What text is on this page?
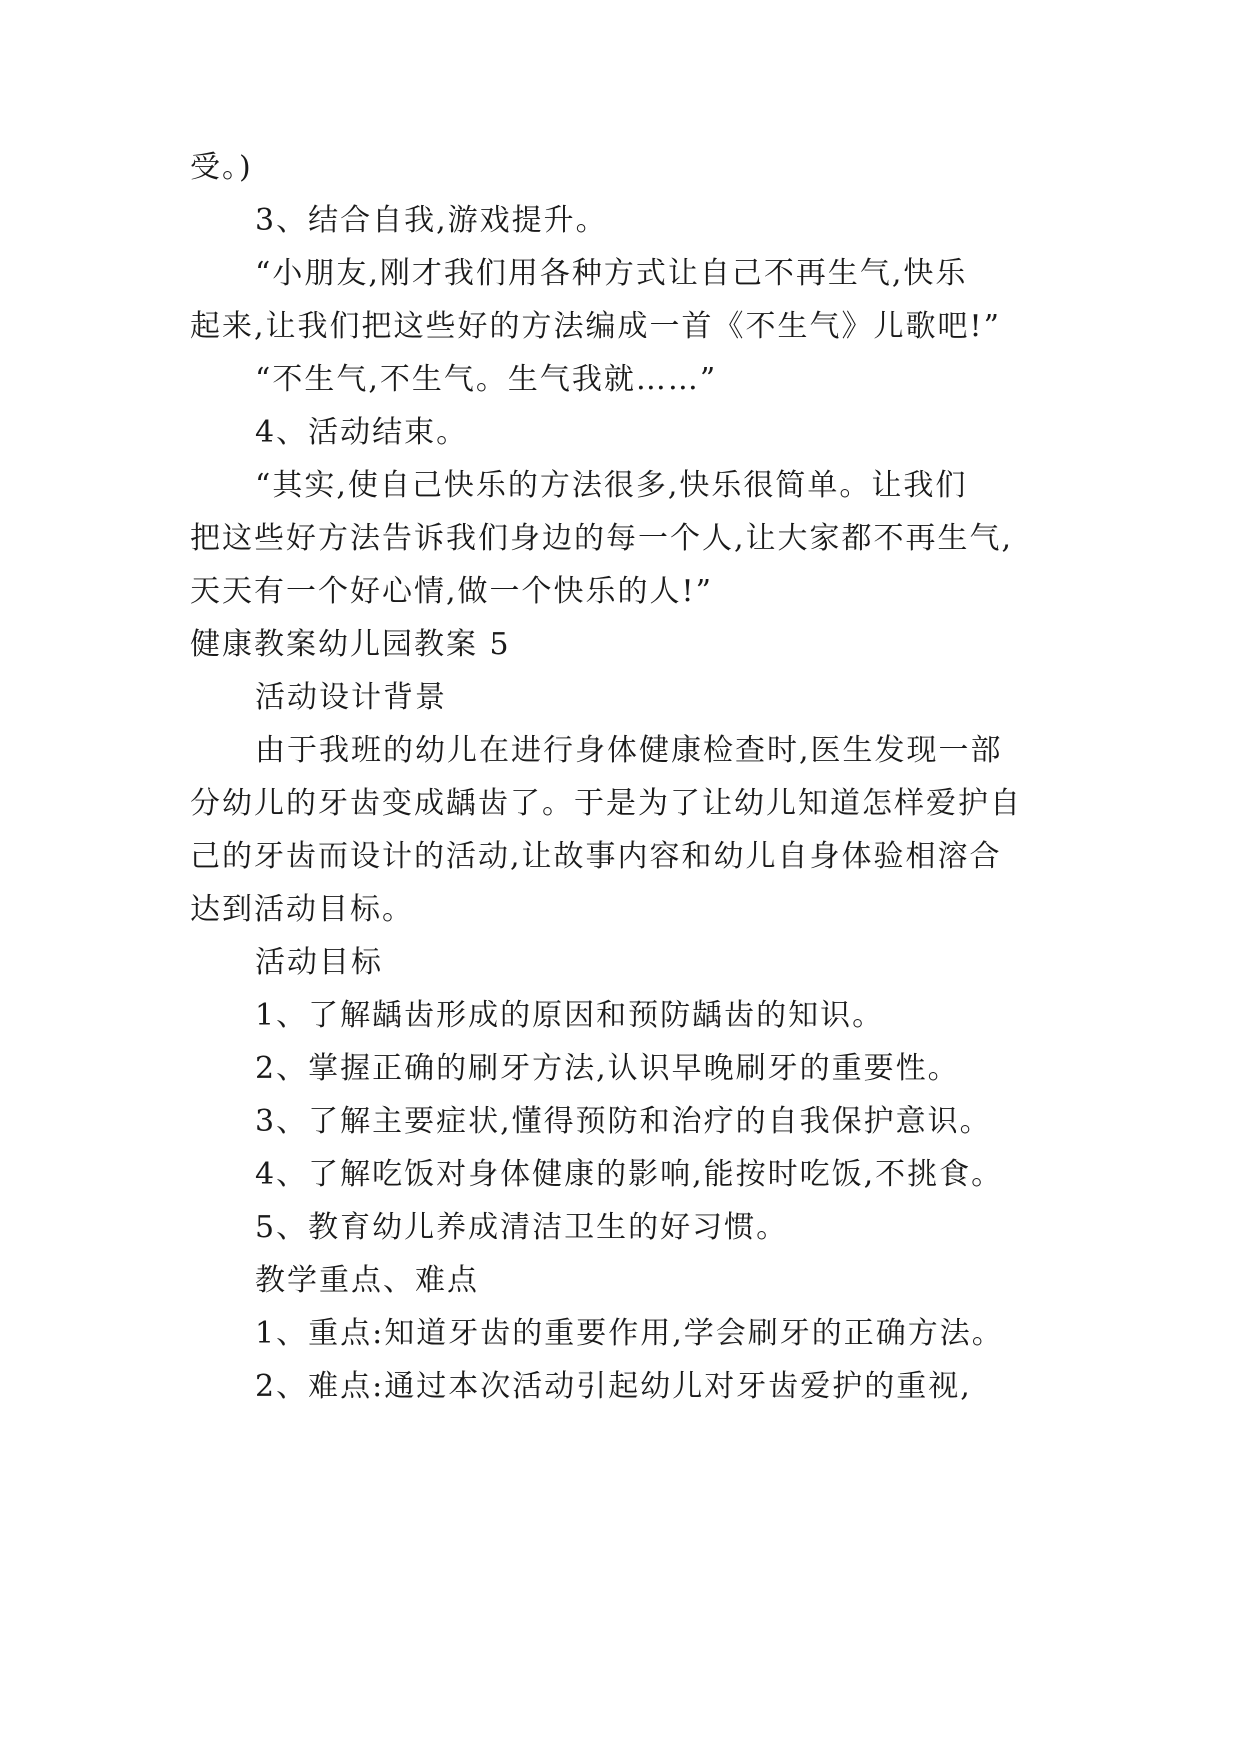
受。)
3、结合自我,游戏提升。
“小朋友,刚才我们用各种方式让自己不再生气,快乐
起来,让我们把这些好的方法编成一首《不生气》儿歌吧!”
“不生气,不生气。生气我就……”
4、活动结束。
“其实,使自己快乐的方法很多,快乐很简单。让我们
把这些好方法告诉我们身边的每一个人,让大家都不再生气,
天天有一个好心情,做一个快乐的人!”
健康教案幼儿园教案 5
活动设计背景
由于我班的幼儿在进行身体健康检查时,医生发现一部
分幼儿的牙齿变成龋齿了。于是为了让幼儿知道怎样爱护自
己的牙齿而设计的活动,让故事内容和幼儿自身体验相溶合
达到活动目标。
活动目标
1、了解龋齿形成的原因和预防龋齿的知识。
2、掌握正确的刷牙方法,认识早晚刷牙的重要性。
3、了解主要症状,懂得预防和治疗的自我保护意识。
4、了解吃饭对身体健康的影响,能按时吃饭,不挑食。
5、教育幼儿养成清洁卫生的好习惯。
教学重点、难点
1、重点:知道牙齿的重要作用,学会刷牙的正确方法。
2、难点:通过本次活动引起幼儿对牙齿爱护的重视,
